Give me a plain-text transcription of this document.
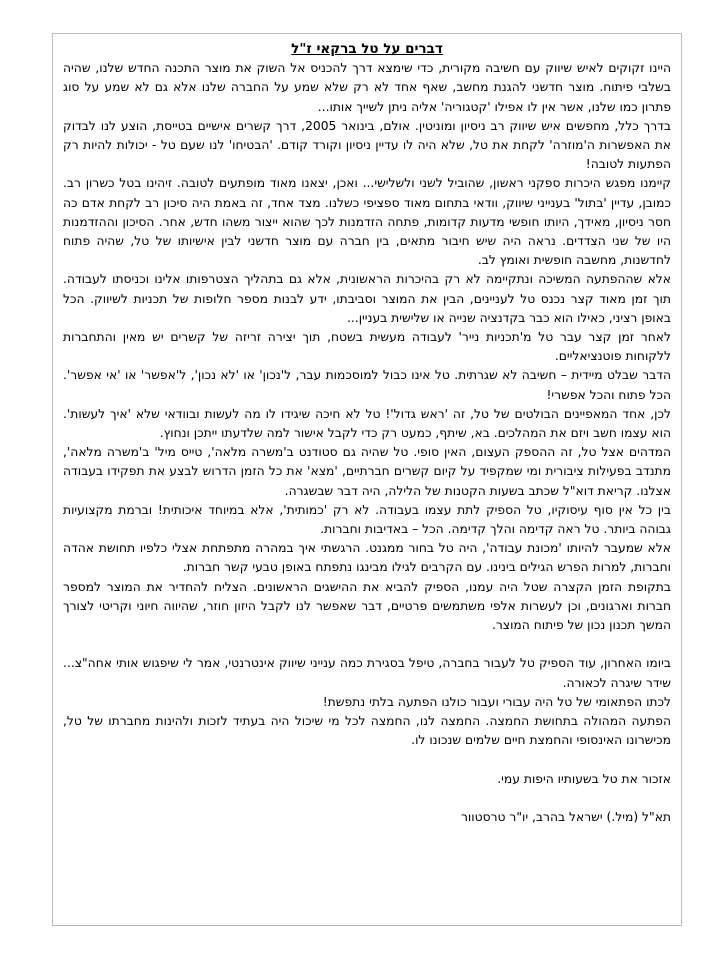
דברים על טל ברקאי ז"ל

היינו זקוקים לאיש שיווק עם חשיבה מקורית, כדי שימצא דרך להכניס אל השוק את מוצר התכנה החדש שלנו, שהיה בשלבי פיתוח. מוצר חדשני להגנת מחשב, שאף אחד לא רק שלא שמע על החברה שלנו אלא גם לא שמע על סוג פתרון כמו שלנו, אשר אין לו אפילו 'קטגוריה' אליה ניתן לשייך אותו...

בדרך כלל, מחפשים איש שיווק רב ניסיון ומוניטין. אולם, בינואר 2005, דרך קשרים אישיים בטייסת, הוצע לנו לבדוק את האפשרות ה'מוזרה' לקחת את טל, שלא היה לו עדיין ניסיון וקורד קודם. 'הבטיחו' לנו שעם טל - יכולות להיות רק הפתעות לטובה!

קיימנו מפגש היכרות ספקני ראשון, שהוביל לשני ולשלישי... ואכן, יצאנו מאוד מופתעים לטובה. זיהינו בטל כשרון רב. כמובן, עדיין 'בתול' בענייני שיווק, וודאי בתחום מאוד ספציפי כשלנו. מצד אחד, זה באמת היה סיכון רב לקחת אדם כה חסר ניסיון, מאידך, היותו חופשי מדעות קדומות, פתחה הזדמנות לכך שהוא ייצור משהו חדש, אחר. הסיכון וההזדמנות היו של שני הצדדים. נראה היה שיש חיבור מתאים, בין חברה עם מוצר חדשני לבין אישיותו של טל, שהיה פתוח לחדשנות, מחשבה חופשית ואומץ לב.

אלא שההפתעה המשיכה ונתקיימה לא רק בהיכרות הראשונית, אלא גם בתהליך הצטרפותו אלינו וכניסתו לעבודה. תוך זמן מאוד קצר נכנס טל לעניינים, הבין את המוצר וסביבתו, ידע לבנות מספר חלופות של תכניות לשיווק. הכל באופן רציני, כאילו הוא כבר בקדנציה שנייה או שלישית בעניין...

לאחר זמן קצר עבר טל מ'תכניות נייר' לעבודה מעשית בשטח, תוך יצירה זריזה של קשרים יש מאין והתחברות ללקוחות פוטנציאליים.

הדבר שבלט מיידית – חשיבה לא שגרתית. טל אינו כבול למוסכמות עבר, ל'נכון' או 'לא נכון', ל'אפשר' או 'אי אפשר'. הכל פתוח והכל אפשרי!

לכן, אחד המאפיינים הבולטים של טל, זה 'ראש גדול'! טל לא חיכה שיגידו לו מה לעשות ובוודאי שלא 'איך לעשות'. הוא עצמו חשב ויזם את המהלכים. בא, שיתף, כמעט רק כדי לקבל אישור למה שלדעתו ייתכן ונחוץ.

המדהים אצל טל, זה ההספק העצום, האין סופי. טל שהיה גם סטודנט ב'משרה מלאה', טייס מיל' ב'משרה מלאה', מתנדב בפעילות ציבורית ומי שמקפיד על קיום קשרים חברתיים, 'מצא' את כל הזמן הדרוש לבצע את תפקידו בעבודה אצלנו. קריאת דוא"ל שכתב בשעות הקטנות של הלילה, היה דבר שבשגרה.

בין כל אין סוף עיסוקיו, טל הספיק לתת עצמו בעבודה. לא רק 'כמותית', אלא במיוחד איכותית! וברמת מקצועיות גבוהה ביותר. טל ראה קדימה והלך קדימה. הכל – באדיבות וחברות.

אלא שמעבר להיותו 'מכונת עבודה', היה טל בחור ממגנט. הרגשתי איך במהרה מתפתחת אצלי כלפיו תחושת אהדה וחברות, למרות הפרש הגילים בינינו. עם הקרבים לגילו מבינגו נתפתח באופן טבעי קשר חברות.

בתקופת הזמן הקצרה שטל היה עמנו, הספיק להביא את ההישגים הראשונים. הצליח להחדיר את המוצר למספר חברות וארגונים, וכן לעשרות אלפי משתמשים פרטיים, דבר שאפשר לנו לקבל היזון חוזר, שהיווה חיוני וקריטי לצורך המשך תכנון נכון של פיתוח המוצר.

ביומו האחרון, עוד הספיק טל לעבור בחברה, טיפל בסגירת כמה ענייני שיווק אינטרנטי, אמר לי שיפגוש אותי אחה"צ... שידר שיגרה לכאורה.

לכתו הפתאומי של טל היה עבורי ועבור כולנו הפתעה בלתי נתפשת!

הפתעה המהולה בתחושת החמצה. החמצה לנו, החמצה לכל מי שיכול היה בעתיד לזכות ולהינות מחברתו של טל, מכישרונו האינסופי והחמצת חיים שלמים שנכונו לו.

אזכור את טל בשעותיו היפות עמי.

תא"ל (מיל.) ישראל בהרב, יו"ר טרסטוור
